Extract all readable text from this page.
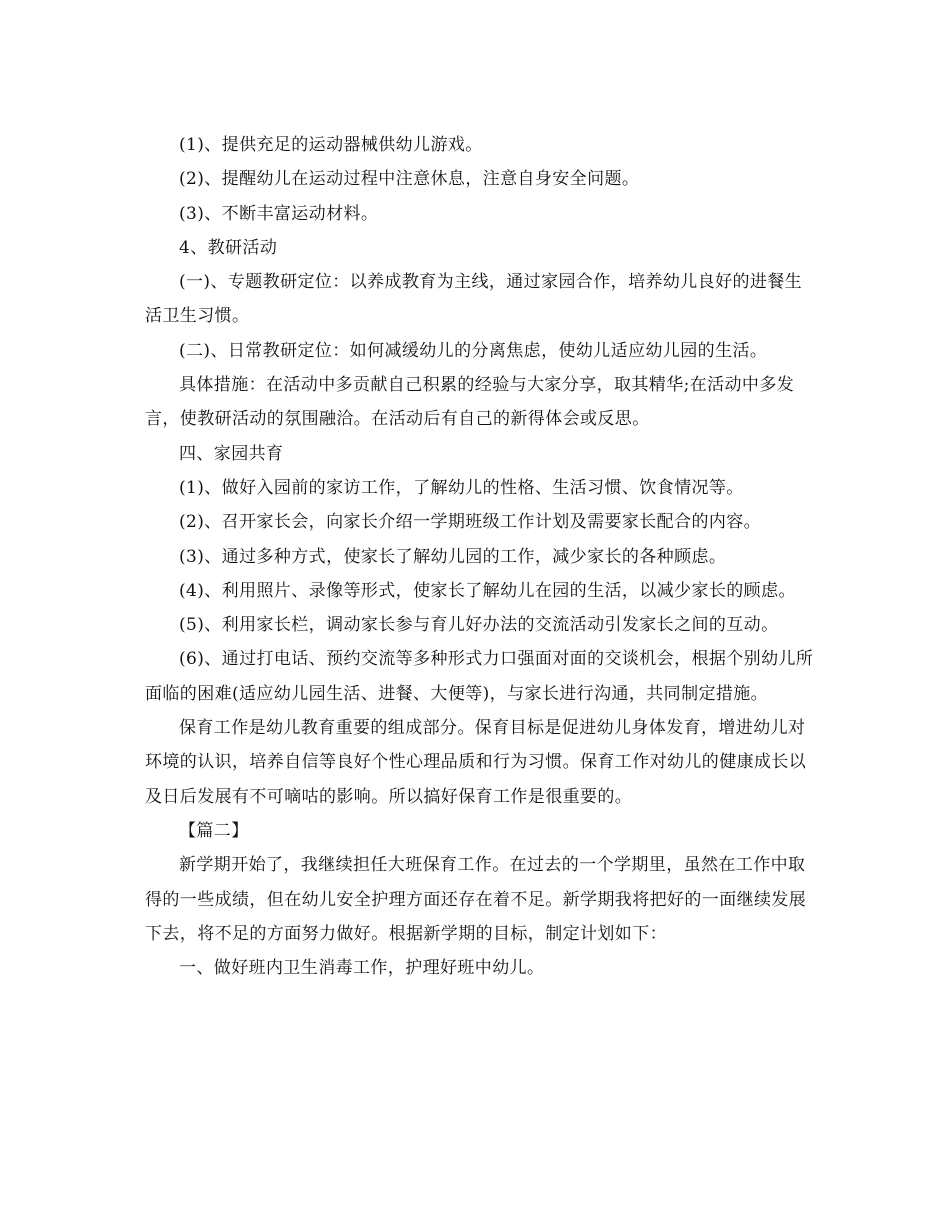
(1)、提供充足的运动器械供幼儿游戏。

(2)、提醒幼儿在运动过程中注意休息，注意自身安全问题。

(3)、不断丰富运动材料。

4、教研活动

(一)、专题教研定位：以养成教育为主线，通过家园合作，培养幼儿良好的进餐生活卫生习惯。

(二)、日常教研定位：如何减缓幼儿的分离焦虑，使幼儿适应幼儿园的生活。

具体措施：在活动中多贡献自己积累的经验与大家分享，取其精华;在活动中多发言，使教研活动的氛围融洽。在活动后有自己的新得体会或反思。

四、家园共育

(1)、做好入园前的家访工作，了解幼儿的性格、生活习惯、饮食情况等。

(2)、召开家长会，向家长介绍一学期班级工作计划及需要家长配合的内容。

(3)、通过多种方式，使家长了解幼儿园的工作，减少家长的各种顾虑。

(4)、利用照片、录像等形式，使家长了解幼儿在园的生活，以减少家长的顾虑。

(5)、利用家长栏，调动家长参与育儿好办法的交流活动引发家长之间的互动。

(6)、通过打电话、预约交流等多种形式力口强面对面的交谈机会，根据个别幼儿所面临的困难(适应幼儿园生活、进餐、大便等)，与家长进行沟通，共同制定措施。

保育工作是幼儿教育重要的组成部分。保育目标是促进幼儿身体发育，增进幼儿对环境的认识，培养自信等良好个性心理品质和行为习惯。保育工作对幼儿的健康成长以及日后发展有不可嘀咕的影响。所以搞好保育工作是很重要的。

【篇二】

新学期开始了，我继续担任大班保育工作。在过去的一个学期里，虽然在工作中取得的一些成绩，但在幼儿安全护理方面还存在着不足。新学期我将把好的一面继续发展下去，将不足的方面努力做好。根据新学期的目标，制定计划如下：

一、做好班内卫生消毒工作，护理好班中幼儿。
